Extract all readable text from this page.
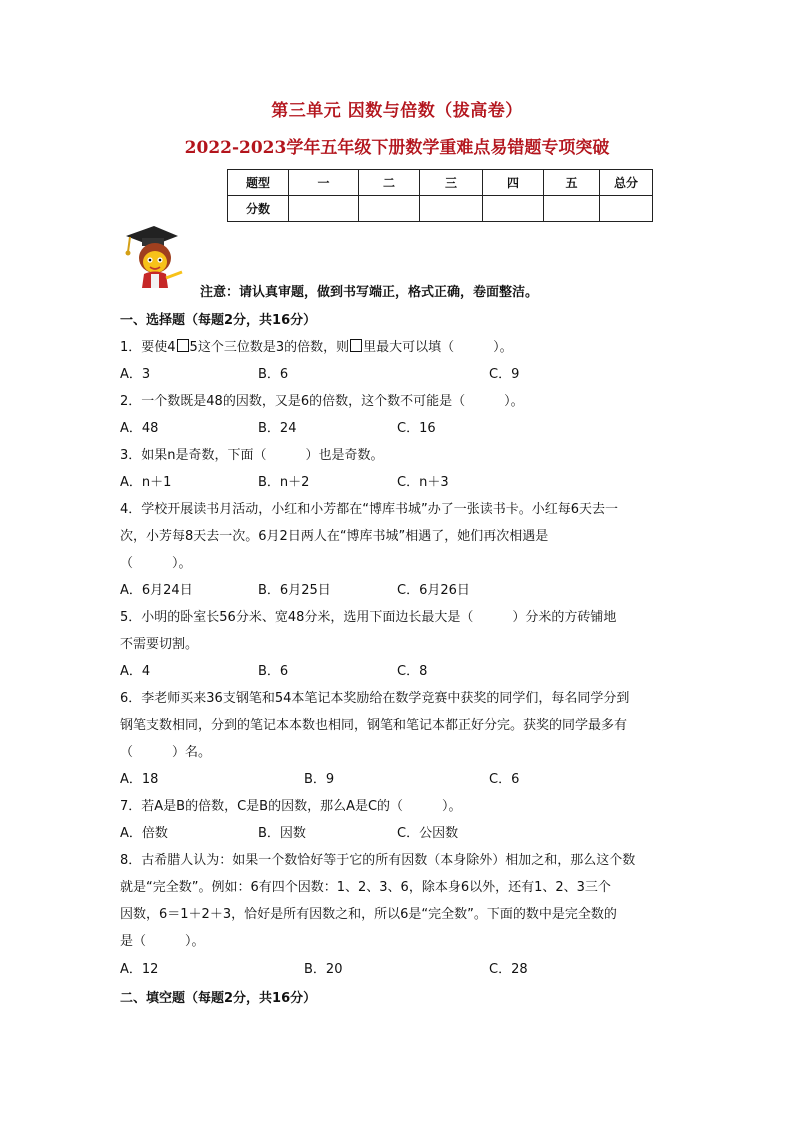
第三单元 因数与倍数（拔高卷）
2022-2023学年五年级下册数学重难点易错题专项突破
题型	一	二	三	四	五	总分
分数						
注意：请认真审题，做到书写端正，格式正确，卷面整洁。
一、选择题（每题2分，共16分）
1．要使4 5这个三位数是3的倍数，则 里最大可以填（　　　）。
A．3	B．6	C．9
2．一个数既是48的因数，又是6的倍数，这个数不可能是（　　　）。
A．48	B．24	C．16
3．如果n是奇数，下面（　　　）也是奇数。
A．n＋1	B．n＋2	C．n＋3
4．学校开展读书月活动，小红和小芳都在“博库书城”办了一张读书卡。小红每6天去一
次，小芳每8天去一次。6月2日两人在“博库书城”相遇了，她们再次相遇是
（　　　）。
A．6月24日	B．6月25日	C．6月26日
5．小明的卧室长56分米、宽48分米，选用下面边长最大是（　　　）分米的方砖铺地
不需要切割。
A．4	B．6	C．8
6．李老师买来36支钢笔和54本笔记本奖励给在数学竞赛中获奖的同学们，每名同学分到
钢笔支数相同，分到的笔记本本数也相同，钢笔和笔记本都正好分完。获奖的同学最多有
（　　　）名。
A．18	B．9	C．6
7．若A是B的倍数，C是B的因数，那么A是C的（　　　）。
A．倍数	B．因数	C．公因数
8．古希腊人认为：如果一个数恰好等于它的所有因数（本身除外）相加之和，那么这个数
就是“完全数”。例如：6有四个因数：1、2、3、6，除本身6以外，还有1、2、3三个
因数，6＝1＋2＋3，恰好是所有因数之和，所以6是“完全数”。下面的数中是完全数的
是（　　　）。
A．12	B．20	C．28
二、填空题（每题2分，共16分）
